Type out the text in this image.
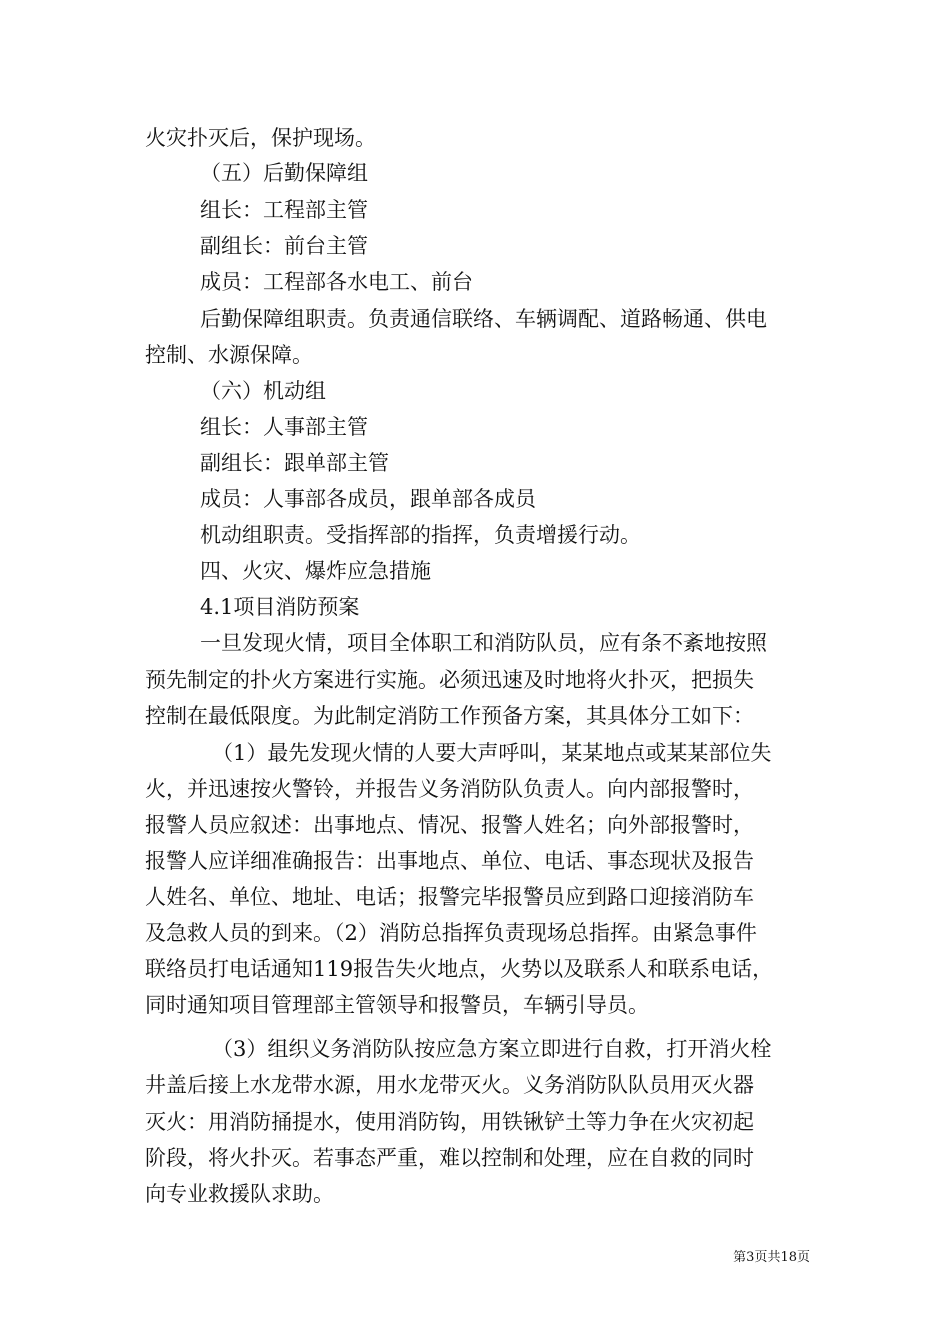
火灾扑灭后，保护现场。
（五）后勤保障组
组长：工程部主管
副组长：前台主管
成员：工程部各水电工、前台
后勤保障组职责。负责通信联络、车辆调配、道路畅通、供电
控制、水源保障。
（六）机动组
组长：人事部主管
副组长：跟单部主管
成员：人事部各成员，跟单部各成员
机动组职责。受指挥部的指挥，负责增援行动。
四、火灾、爆炸应急措施
4.1项目消防预案
一旦发现火情，项目全体职工和消防队员，应有条不紊地按照
预先制定的扑火方案进行实施。必须迅速及时地将火扑灭，把损失
控制在最低限度。为此制定消防工作预备方案，其具体分工如下：
（1）最先发现火情的人要大声呼叫，某某地点或某某部位失
火，并迅速按火警铃，并报告义务消防队负责人。向内部报警时，
报警人员应叙述：出事地点、情况、报警人姓名；向外部报警时，
报警人应详细准确报告：出事地点、单位、电话、事态现状及报告
人姓名、单位、地址、电话；报警完毕报警员应到路口迎接消防车
及急救人员的到来。（2）消防总指挥负责现场总指挥。由紧急事件
联络员打电话通知119报告失火地点，火势以及联系人和联系电话，
同时通知项目管理部主管领导和报警员，车辆引导员。
（3）组织义务消防队按应急方案立即进行自救，打开消火栓
井盖后接上水龙带水源，用水龙带灭火。义务消防队队员用灭火器
灭火：用消防捅提水，使用消防钩，用铁锹铲土等力争在火灾初起
阶段，将火扑灭。若事态严重，难以控制和处理，应在自救的同时
向专业救援队求助。
第3页共18页
